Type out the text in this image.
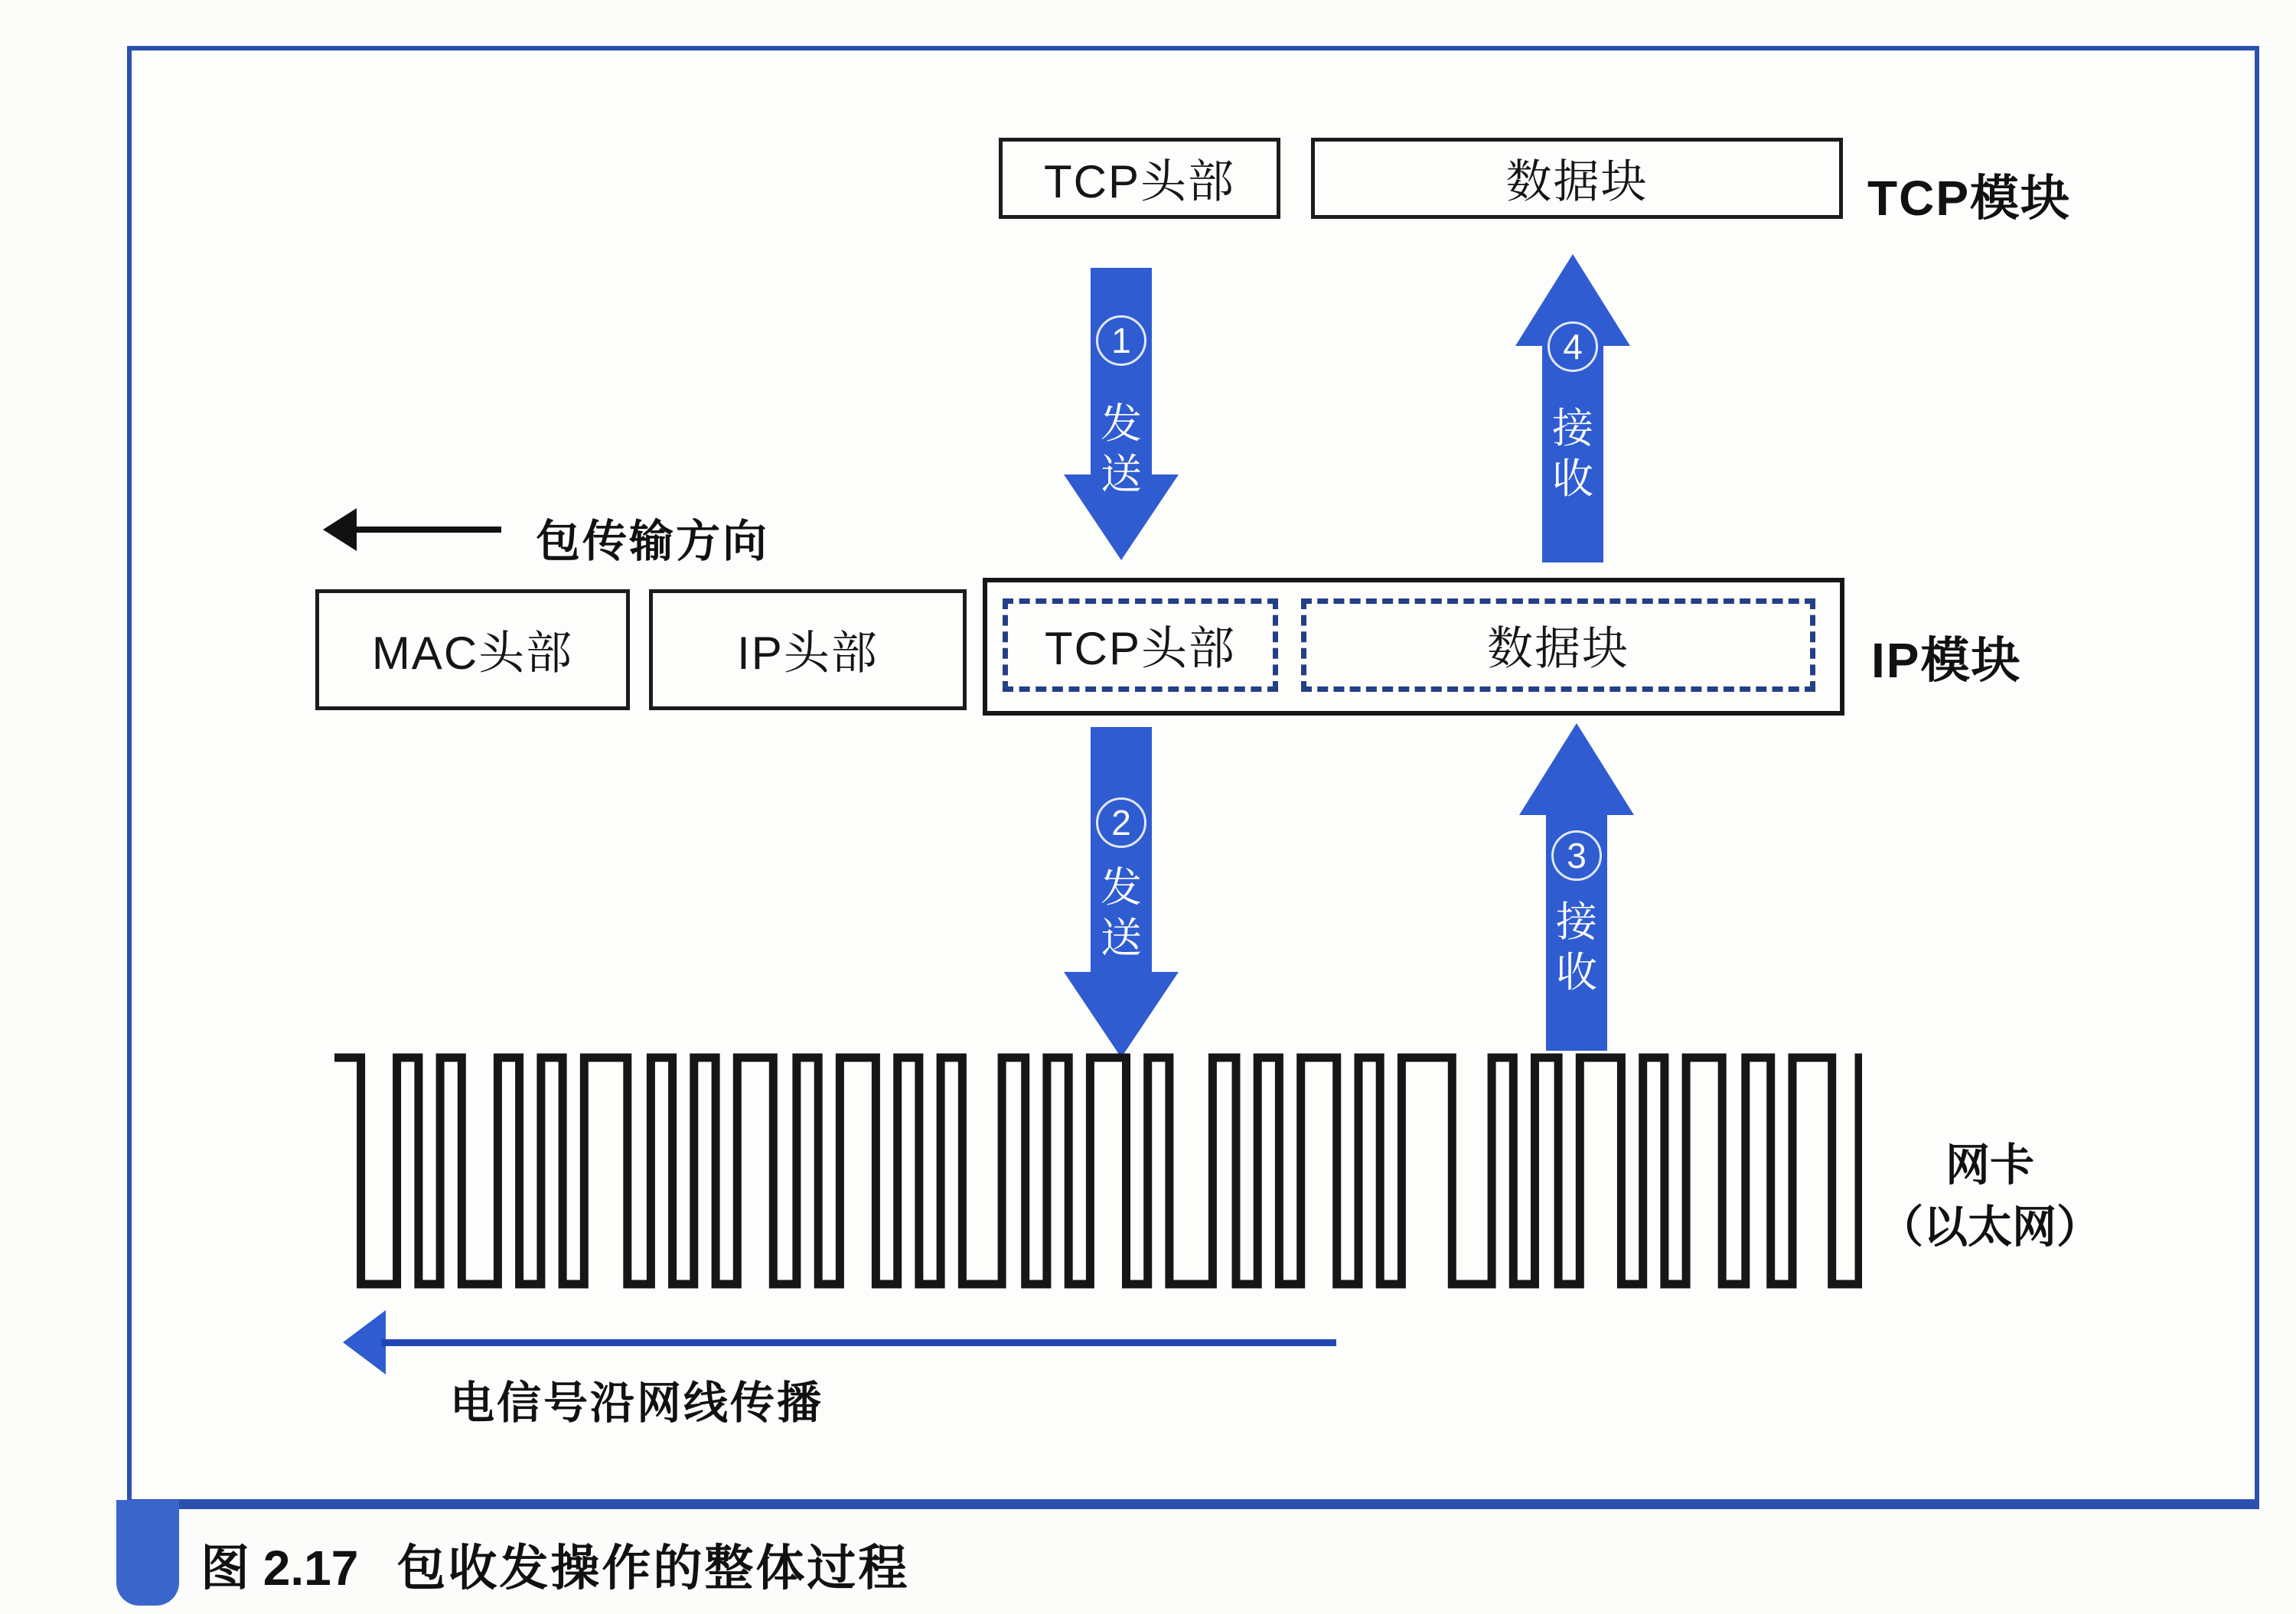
TCP头部	数据块	TCP模块
1
发送
4
接收
包传输方向
MAC头部	IP头部	TCP头部	数据块	IP模块
2
发送
3
接收
网卡
（以太网）
电信号沿网线传播
图 2.17 包收发操作的整体过程
